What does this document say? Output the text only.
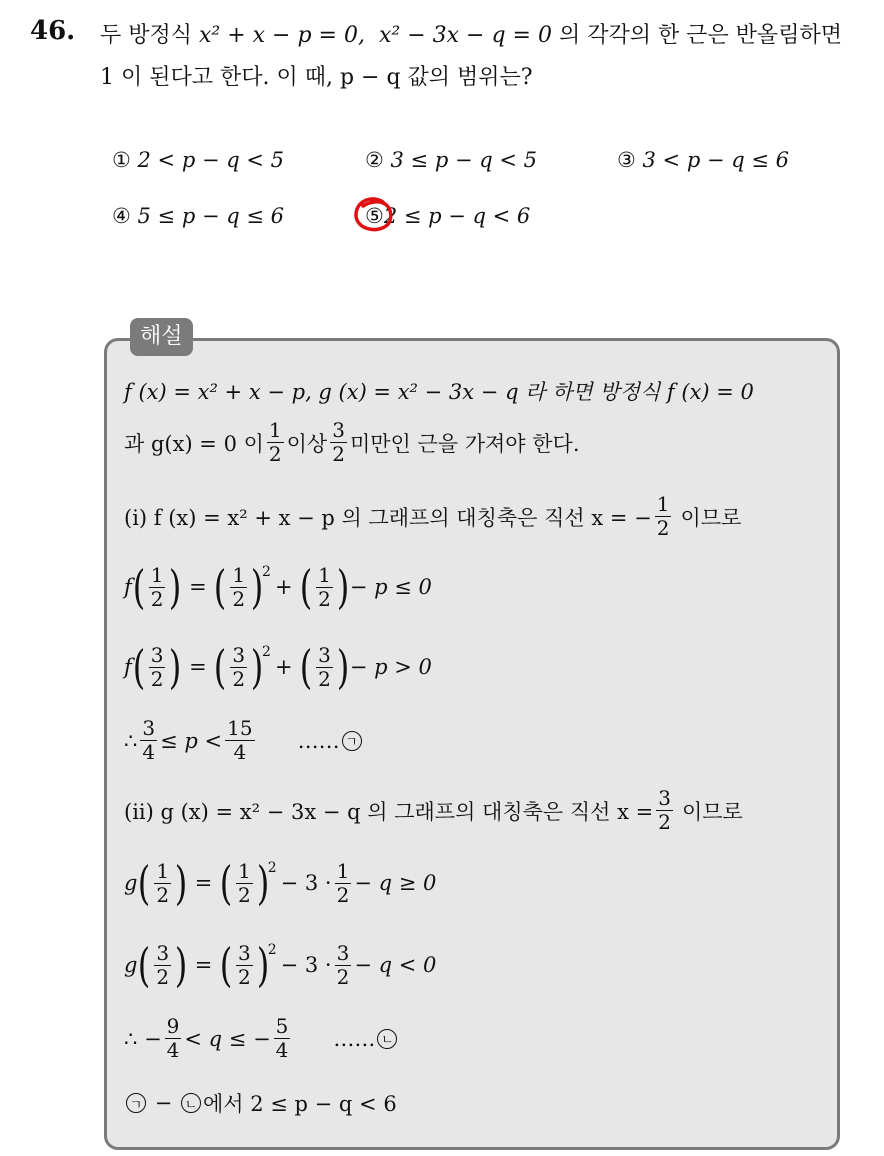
46. 두 방정식 x² + x − p = 0, x² − 3x − q = 0 의 각각의 한 근은 반올림하면
1 이 된다고 한다. 이 때, p − q 값의 범위는?
① 2 < p − q < 5	② 3 ≤ p − q < 5	③ 3 < p − q ≤ 6
④ 5 ≤ p − q ≤ 6	⑤2 ≤ p − q < 6
해설
f (x) = x² + x − p, g (x) = x² − 3x − q 라 하면 방정식 f (x) = 0
과 g(x) = 0 이 $\frac{1}{2}$ 이상 $\frac{3}{2}$ 미만인 근을 가져야 한다.
(i) f (x) = x² + x − p 의 그래프의 대칭축은 직선 x = − $\frac{1}{2}$ 이므로
f ( $\frac{1}{2}$ ) = ( $\frac{1}{2}$ )
2
+ ( $\frac{1}{2}$ ) − p ≤ 0
f ( $\frac{3}{2}$ ) = ( $\frac{3}{2}$ )
2
+ ( $\frac{3}{2}$ ) − p > 0
∴ $\frac{3}{4} \le p < \frac{15}{4}$ …… ㄱ
(ii) g (x) = x² − 3x − q 의 그래프의 대칭축은 직선 $x = \frac{3}{2}$ 이므로
g ( $\frac{1}{2}$ ) = ( $\frac{1}{2}$ )
2
− $3 \cdot \frac{1}{2} - q \ge 0$
g ( $\frac{3}{2}$ ) = ( $\frac{3}{2}$ )
2
− $3 \cdot \frac{3}{2} - q < 0$
∴
− $\frac{9}{4} < q$ ≤ − $\frac{5}{4}$ …… ㄴ
ㄱ
−
ㄴ 에서 2 ≤ p − q < 6
